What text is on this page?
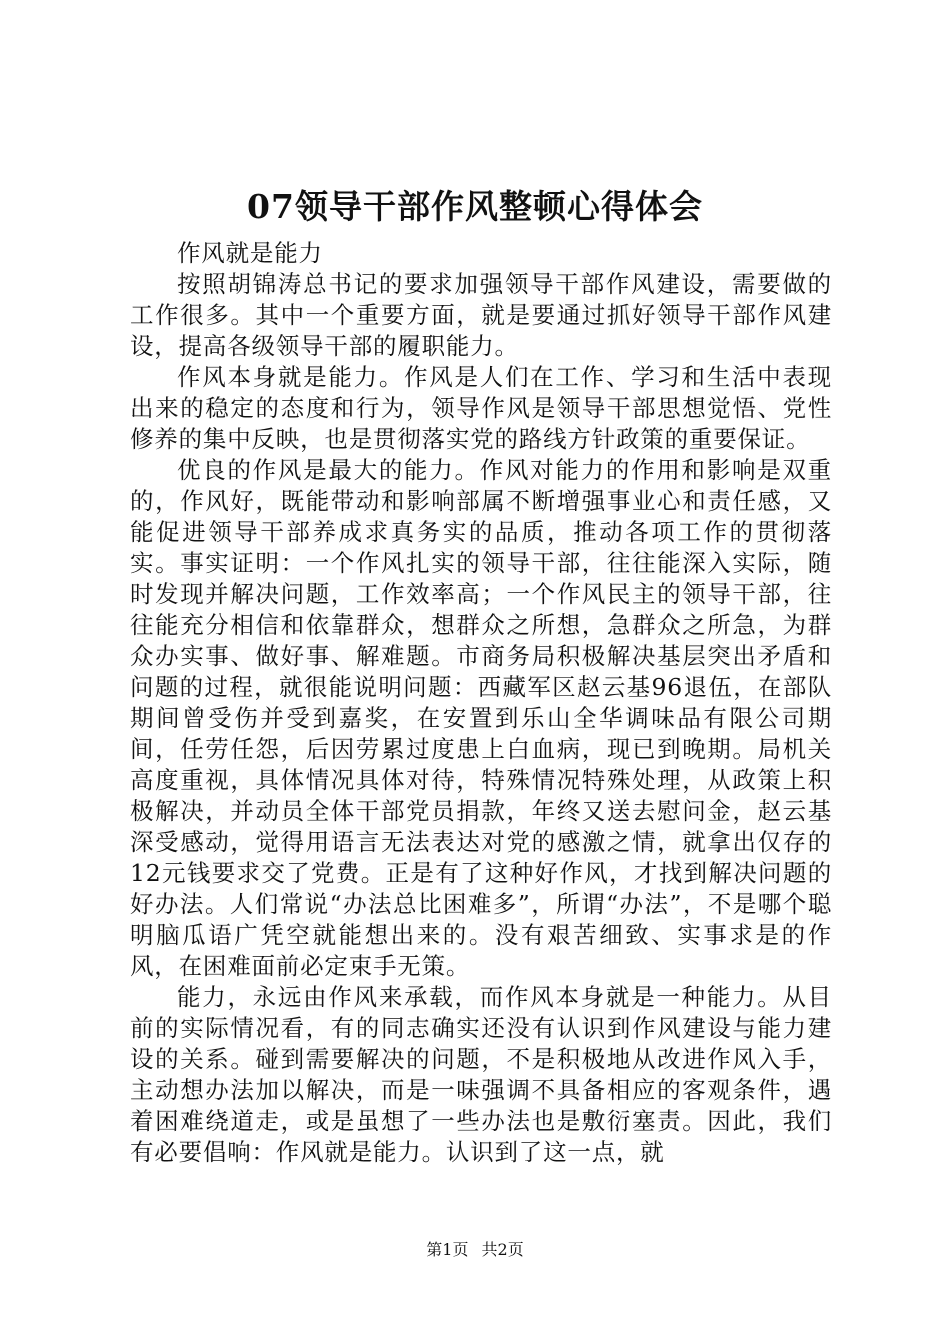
07领导干部作风整顿心得体会

作风就是能力

按照胡锦涛总书记的要求加强领导干部作风建设，需要做的工作很多。其中一个重要方面，就是要通过抓好领导干部作风建设，提高各级领导干部的履职能力。

作风本身就是能力。作风是人们在工作、学习和生活中表现出来的稳定的态度和行为，领导作风是领导干部思想觉悟、党性修养的集中反映，也是贯彻落实党的路线方针政策的重要保证。

优良的作风是最大的能力。作风对能力的作用和影响是双重的，作风好，既能带动和影响部属不断增强事业心和责任感，又能促进领导干部养成求真务实的品质，推动各项工作的贯彻落实。事实证明：一个作风扎实的领导干部，往往能深入实际，随时发现并解决问题，工作效率高；一个作风民主的领导干部，往往能充分相信和依靠群众，想群众之所想，急群众之所急，为群众办实事、做好事、解难题。市商务局积极解决基层突出矛盾和问题的过程，就很能说明问题：西藏军区赵云基96退伍，在部队期间曾受伤并受到嘉奖，在安置到乐山全华调味品有限公司期间，任劳任怨，后因劳累过度患上白血病，现已到晚期。局机关高度重视，具体情况具体对待，特殊情况特殊处理，从政策上积极解决，并动员全体干部党员捐款，年终又送去慰问金，赵云基深受感动，觉得用语言无法表达对党的感激之情，就拿出仅存的12元钱要求交了党费。正是有了这种好作风，才找到解决问题的好办法。人们常说“办法总比困难多”，所谓“办法”，不是哪个聪明脑瓜语广凭空就能想出来的。没有艰苦细致、实事求是的作风，在困难面前必定束手无策。

能力，永远由作风来承载，而作风本身就是一种能力。从目前的实际情况看，有的同志确实还没有认识到作风建设与能力建设的关系。碰到需要解决的问题，不是积极地从改进作风入手，主动想办法加以解决，而是一味强调不具备相应的客观条件，遇着困难绕道走，或是虽想了一些办法也是敷衍塞责。因此，我们有必要倡响：作风就是能力。认识到了这一点，就

第1页 共2页
